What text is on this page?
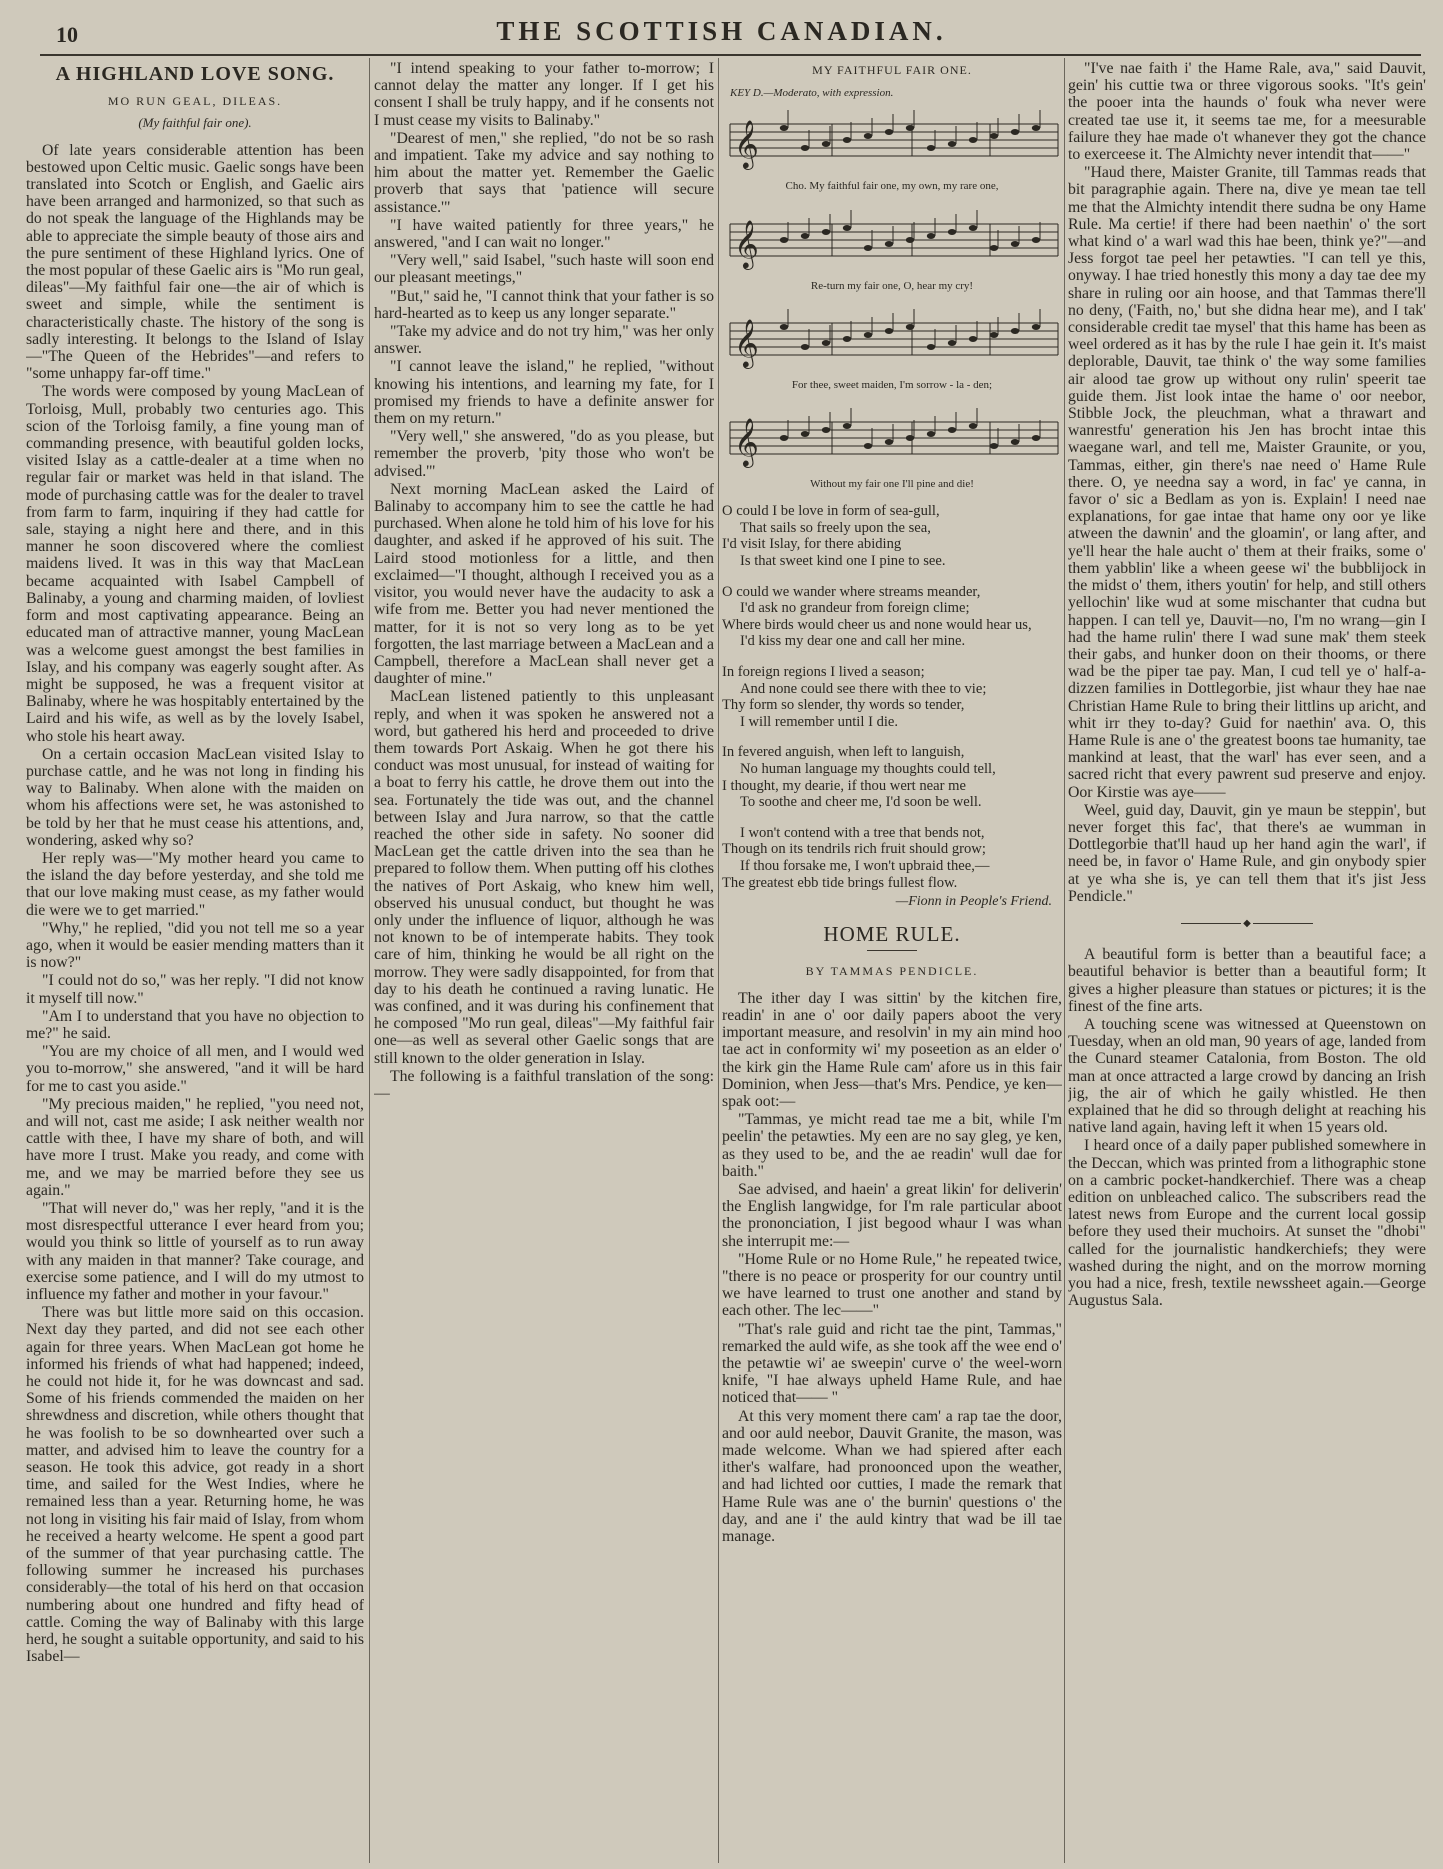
10	THE SCOTTISH CANADIAN.
A HIGHLAND LOVE SONG.
MO RUN GEAL, DILEAS.
(My faithful fair one).

Of late years considerable attention has been bestowed upon Celtic music. Gaelic songs have been translated into Scotch or English, and Gaelic airs have been arranged and harmonized, so that such as do not speak the language of the Highlands may be able to appreciate the simple beauty of those airs and the pure sentiment of these Highland lyrics. One of the most popular of these Gaelic airs is "Mo run geal, dileas"—My faithful fair one—the air of which is sweet and simple, while the sentiment is characteristically chaste. The history of the song is sadly interesting. It belongs to the Island of Islay—"The Queen of the Hebrides"—and refers to "some unhappy far-off time."

The words were composed by young MacLean of Torloisg, Mull, probably two centuries ago. This scion of the Torloisg family, a fine young man of commanding presence, with beautiful golden locks, visited Islay as a cattle-dealer at a time when no regular fair or market was held in that island. The mode of purchasing cattle was for the dealer to travel from farm to farm, inquiring if they had cattle for sale, staying a night here and there, and in this manner he soon discovered where the comliest maidens lived. It was in this way that MacLean became acquainted with Isabel Campbell of Balinaby, a young and charming maiden, of lovliest form and most captivating appearance. Being an educated man of attractive manner, young MacLean was a welcome guest amongst the best families in Islay, and his company was eagerly sought after. As might be supposed, he was a frequent visitor at Balinaby, where he was hospitably entertained by the Laird and his wife, as well as by the lovely Isabel, who stole his heart away.

On a certain occasion MacLean visited Islay to purchase cattle, and he was not long in finding his way to Balinaby. When alone with the maiden on whom his affections were set, he was astonished to be told by her that he must cease his attentions, and, wondering, asked why so?

Her reply was—"My mother heard you came to the island the day before yesterday, and she told me that our love making must cease, as my father would die were we to get married."

"Why," he replied, "did you not tell me so a year ago, when it would be easier mending matters than it is now?"

"I could not do so," was her reply. "I did not know it myself till now."

"Am I to understand that you have no objection to me?" he said.

"You are my choice of all men, and I would wed you to-morrow," she answered, "and it will be hard for me to cast you aside."

"My precious maiden," he replied, "you need not, and will not, cast me aside; I ask neither wealth nor cattle with thee, I have my share of both, and will have more I trust. Make you ready, and come with me, and we may be married before they see us again."

"That will never do," was her reply, "and it is the most disrespectful utterance I ever heard from you; would you think so little of yourself as to run away with any maiden in that manner? Take courage, and exercise some patience, and I will do my utmost to influence my father and mother in your favour."

There was but little more said on this occasion. Next day they parted, and did not see each other again for three years. When MacLean got home he informed his friends of what had happened; indeed, he could not hide it, for he was downcast and sad. Some of his friends commended the maiden on her shrewdness and discretion, while others thought that he was foolish to be so downhearted over such a matter, and advised him to leave the country for a season. He took this advice, got ready in a short time, and sailed for the West Indies, where he remained less than a year. Returning home, he was not long in visiting his fair maid of Islay, from whom he received a hearty welcome. He spent a good part of the summer of that year purchasing cattle. The following summer he increased his purchases considerably—the total of his herd on that occasion numbering about one hundred and fifty head of cattle. Coming the way of Balinaby with this large herd, he sought a suitable opportunity, and said to his Isabel—

"I intend speaking to your father to-morrow; I cannot delay the matter any longer. If I get his consent I shall be truly happy, and if he consents not I must cease my visits to Balinaby."

"Dearest of men," she replied, "do not be so rash and impatient. Take my advice and say nothing to him about the matter yet. Remember the Gaelic proverb that says that 'patience will secure assistance.'"

"I have waited patiently for three years," he answered, "and I can wait no longer."

"Very well," said Isabel, "such haste will soon end our pleasant meetings,"

"But," said he, "I cannot think that your father is so hard-hearted as to keep us any longer separate."

"Take my advice and do not try him," was her only answer.

"I cannot leave the island," he replied, "without knowing his intentions, and learning my fate, for I promised my friends to have a definite answer for them on my return."

"Very well," she answered, "do as you please, but remember the proverb, 'pity those who won't be advised.'"

Next morning MacLean asked the Laird of Balinaby to accompany him to see the cattle he had purchased. When alone he told him of his love for his daughter, and asked if he approved of his suit. The Laird stood motionless for a little, and then exclaimed—"I thought, although I received you as a visitor, you would never have the audacity to ask a wife from me. Better you had never mentioned the matter, for it is not so very long as to be yet forgotten, the last marriage between a MacLean and a Campbell, therefore a MacLean shall never get a daughter of mine."

MacLean listened patiently to this unpleasant reply, and when it was spoken he answered not a word, but gathered his herd and proceeded to drive them towards Port Askaig. When he got there his conduct was most unusual, for instead of waiting for a boat to ferry his cattle, he drove them out into the sea. Fortunately the tide was out, and the channel between Islay and Jura narrow, so that the cattle reached the other side in safety. No sooner did MacLean get the cattle driven into the sea than he prepared to follow them. When putting off his clothes the natives of Port Askaig, who knew him well, observed his unusual conduct, but thought he was only under the influence of liquor, although he was not known to be of intemperate habits. They took care of him, thinking he would be all right on the morrow. They were sadly disappointed, for from that day to his death he continued a raving lunatic. He was confined, and it was during his confinement that he composed "Mo run geal, dileas"—My faithful fair one—as well as several other Gaelic songs that are still known to the older generation in Islay.

The following is a faithful translation of the song:—

MY FAITHFUL FAIR ONE.
KEY D.—Moderato, with expression.
𝄞
Cho. My faithful fair one, my own, my rare one,
𝄞
Re-turn my fair one, O, hear my cry!
𝄞
For thee, sweet maiden, I'm sorrow - la - den;
𝄞
Without my fair one I'll pine and die!
O could I be love in form of sea-gull,
That sails so freely upon the sea,
I'd visit Islay, for there abiding
Is that sweet kind one I pine to see.
O could we wander where streams meander,
I'd ask no grandeur from foreign clime;
Where birds would cheer us and none would hear us,
I'd kiss my dear one and call her mine.
In foreign regions I lived a season;
And none could see there with thee to vie;
Thy form so slender, thy words so tender,
I will remember until I die.
In fevered anguish, when left to languish,
No human language my thoughts could tell,
I thought, my dearie, if thou wert near me
To soothe and cheer me, I'd soon be well.
I won't contend with a tree that bends not,
Though on its tendrils rich fruit should grow;
If thou forsake me, I won't upbraid thee,—
The greatest ebb tide brings fullest flow.
—Fionn in People's Friend.
HOME RULE.
BY TAMMAS PENDICLE.

The ither day I was sittin' by the kitchen fire, readin' in ane o' oor daily papers aboot the very important measure, and resolvin' in my ain mind hoo tae act in conformity wi' my poseetion as an elder o' the kirk gin the Hame Rule cam' afore us in this fair Dominion, when Jess—that's Mrs. Pendice, ye ken—spak oot:—

"Tammas, ye micht read tae me a bit, while I'm peelin' the petawties. My een are no say gleg, ye ken, as they used to be, and the ae readin' wull dae for baith."

Sae advised, and haein' a great likin' for deliverin' the English langwidge, for I'm rale particular aboot the prononciation, I jist begood whaur I was whan she interrupit me:—

"Home Rule or no Home Rule," he repeated twice, "there is no peace or prosperity for our country until we have learned to trust one another and stand by each other. The lec——"

"That's rale guid and richt tae the pint, Tammas," remarked the auld wife, as she took aff the wee end o' the petawtie wi' ae sweepin' curve o' the weel-worn knife, "I hae always upheld Hame Rule, and hae noticed that—— "

At this very moment there cam' a rap tae the door, and oor auld neebor, Dauvit Granite, the mason, was made welcome. Whan we had spiered after each ither's walfare, had pronoonced upon the weather, and had lichted oor cutties, I made the remark that Hame Rule was ane o' the burnin' questions o' the day, and ane i' the auld kintry that wad be ill tae manage.

"I've nae faith i' the Hame Rale, ava," said Dauvit, gein' his cuttie twa or three vigorous sooks. "It's gein' the pooer inta the haunds o' fouk wha never were created tae use it, it seems tae me, for a meesurable failure they hae made o't whanever they got the chance to exerceese it. The Almichty never intendit that——"

"Haud there, Maister Granite, till Tammas reads that bit paragraphie again. There na, dive ye mean tae tell me that the Almichty intendit there sudna be ony Hame Rule. Ma certie! if there had been naethin' o' the sort what kind o' a warl wad this hae been, think ye?"—and Jess forgot tae peel her petawties. "I can tell ye this, onyway. I hae tried honestly this mony a day tae dee my share in ruling oor ain hoose, and that Tammas there'll no deny, ('Faith, no,' but she didna hear me), and I tak' considerable credit tae mysel' that this hame has been as weel ordered as it has by the rule I hae gein it. It's maist deplorable, Dauvit, tae think o' the way some families air alood tae grow up without ony rulin' speerit tae guide them. Jist look intae the hame o' oor neebor, Stibble Jock, the pleuchman, what a thrawart and wanrestfu' generation his Jen has brocht intae this waegane warl, and tell me, Maister Graunite, or you, Tammas, either, gin there's nae need o' Hame Rule there. O, ye needna say a word, in fac' ye canna, in favor o' sic a Bedlam as yon is. Explain! I need nae explanations, for gae intae that hame ony oor ye like atween the dawnin' and the gloamin', or lang after, and ye'll hear the hale aucht o' them at their fraiks, some o' them yabblin' like a wheen geese wi' the bubblijock in the midst o' them, ithers youtin' for help, and still others yellochin' like wud at some mischanter that cudna but happen. I can tell ye, Dauvit—no, I'm no wrang—gin I had the hame rulin' there I wad sune mak' them steek their gabs, and hunker doon on their thooms, or there wad be the piper tae pay. Man, I cud tell ye o' half-a-dizzen families in Dottlegorbie, jist whaur they hae nae Christian Hame Rule to bring their littlins up aricht, and whit irr they to-day? Guid for naethin' ava. O, this Hame Rule is ane o' the greatest boons tae humanity, tae mankind at least, that the warl' has ever seen, and a sacred richt that every pawrent sud preserve and enjoy. Oor Kirstie was aye——

Weel, guid day, Dauvit, gin ye maun be steppin', but never forget this fac', that there's ae wumman in Dottlegorbie that'll haud up her hand agin the warl', if need be, in favor o' Hame Rule, and gin onybody spier at ye wha she is, ye can tell them that it's jist Jess Pendicle."

◆

A beautiful form is better than a beautiful face; a beautiful behavior is better than a beautiful form; It gives a higher pleasure than statues or pictures; it is the finest of the fine arts.

A touching scene was witnessed at Queenstown on Tuesday, when an old man, 90 years of age, landed from the Cunard steamer Catalonia, from Boston. The old man at once attracted a large crowd by dancing an Irish jig, the air of which he gaily whistled. He then explained that he did so through delight at reaching his native land again, having left it when 15 years old.

I heard once of a daily paper published somewhere in the Deccan, which was printed from a lithographic stone on a cambric pocket-handkerchief. There was a cheap edition on unbleached calico. The subscribers read the latest news from Europe and the current local gossip before they used their muchoirs. At sunset the "dhobi" called for the journalistic handkerchiefs; they were washed during the night, and on the morrow morning you had a nice, fresh, textile newssheet again.—George Augustus Sala.
